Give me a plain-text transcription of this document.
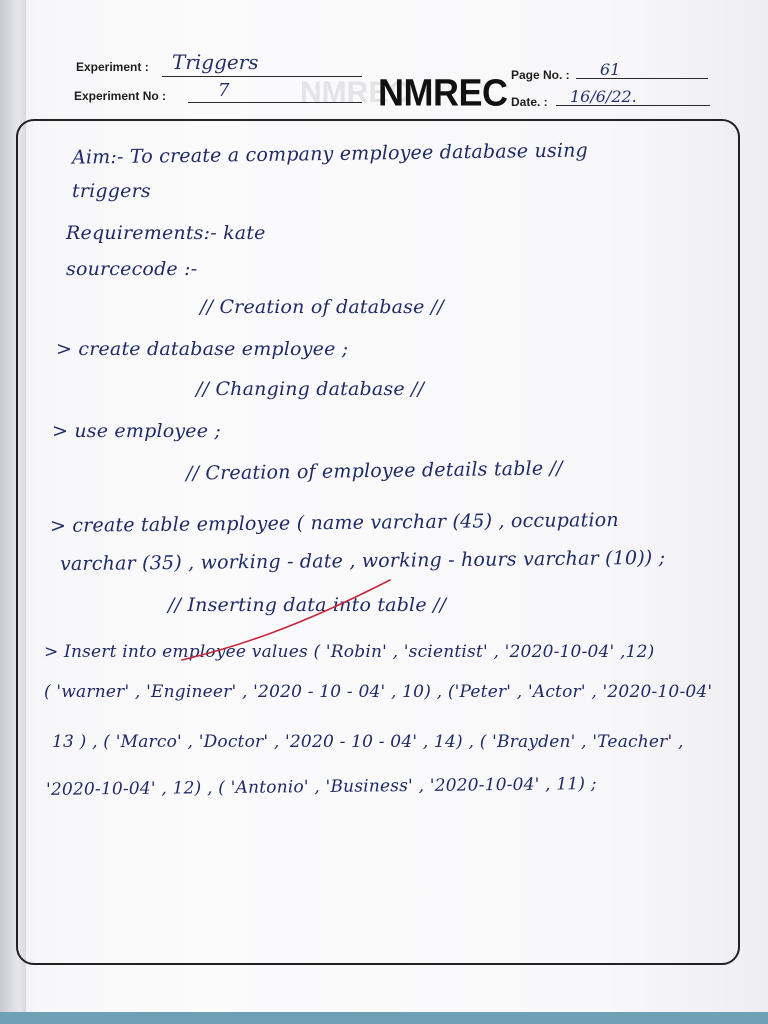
Experiment : Triggers
Experiment No :	7 NMREC
NMREC Page No. : 61
Date. : 16/6/22.
Aim:- To create a company employee database using
triggers
Requirements:- kate
sourcecode :-
// Creation of database //
> create database employee ;
// Changing database //
> use employee ;
// Creation of employee details table //
> create table employee ( name varchar (45) , occupation
varchar (35) , working - date , working - hours varchar (10)) ;
// Inserting data into table //
> Insert into employee values ( 'Robin' , 'scientist' , '2020-10-04' ,12)
( 'warner' , 'Engineer' , '2020 - 10 - 04' , 10) , ('Peter' , 'Actor' , '2020-10-04'
13 ) , ( 'Marco' , 'Doctor' , '2020 - 10 - 04' , 14) , ( 'Brayden' , 'Teacher' ,
'2020-10-04' , 12) , ( 'Antonio' , 'Business' , '2020-10-04' , 11) ;
